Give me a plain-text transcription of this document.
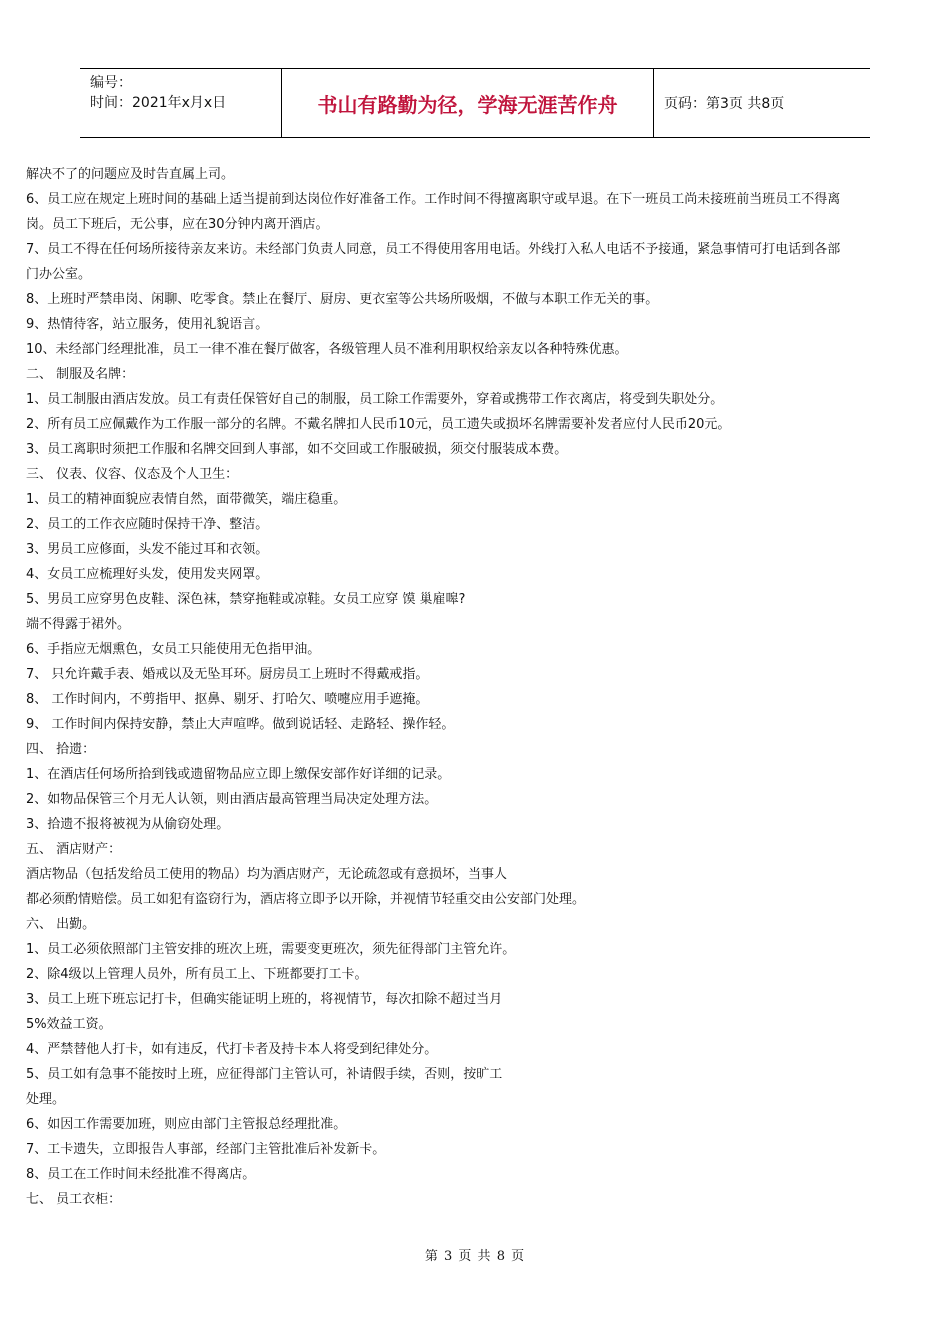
编号：
时间：2021年x月x日	书山有路勤为径，学海无涯苦作舟	页码：第3页 共8页
解决不了的问题应及时告直属上司。
6、员工应在规定上班时间的基础上适当提前到达岗位作好准备工作。工作时间不得擅离职守或早退。在下一班员工尚未接班前当班员工不得离
岗。员工下班后，无公事，应在30分钟内离开酒店。
7、员工不得在任何场所接待亲友来访。未经部门负责人同意，员工不得使用客用电话。外线打入私人电话不予接通，紧急事情可打电话到各部
门办公室。
8、上班时严禁串岗、闲聊、吃零食。禁止在餐厅、厨房、更衣室等公共场所吸烟，不做与本职工作无关的事。
9、热情待客，站立服务，使用礼貌语言。
10、未经部门经理批准，员工一律不准在餐厅做客，各级管理人员不准利用职权给亲友以各种特殊优惠。
二、 制服及名牌：
1、员工制服由酒店发放。员工有责任保管好自己的制服，员工除工作需要外，穿着或携带工作衣离店，将受到失职处分。
2、所有员工应佩戴作为工作服一部分的名牌。不戴名牌扣人民币10元，员工遗失或损坏名牌需要补发者应付人民币20元。
3、员工离职时须把工作服和名牌交回到人事部，如不交回或工作服破损，须交付服装成本费。
三、 仪表、仪容、仪态及个人卫生：
1、员工的精神面貌应表情自然，面带微笑，端庄稳重。
2、员工的工作衣应随时保持干净、整洁。
3、男员工应修面，头发不能过耳和衣领。
4、女员工应梳理好头发，使用发夹网罩。
5、男员工应穿男色皮鞋、深色袜，禁穿拖鞋或凉鞋。女员工应穿 馍 巢雇嗥?
端不得露于裙外。
6、手指应无烟熏色，女员工只能使用无色指甲油。
7、 只允许戴手表、婚戒以及无坠耳环。厨房员工上班时不得戴戒指。
8、 工作时间内，不剪指甲、抠鼻、剔牙、打哈欠、喷嚏应用手遮掩。
9、 工作时间内保持安静，禁止大声喧哗。做到说话轻、走路轻、操作轻。
四、 拾遗：
1、在酒店任何场所拾到钱或遗留物品应立即上缴保安部作好详细的记录。
2、如物品保管三个月无人认领，则由酒店最高管理当局决定处理方法。
3、拾遗不报将被视为从偷窃处理。
五、 酒店财产：
酒店物品（包括发给员工使用的物品）均为酒店财产，无论疏忽或有意损坏，当事人
都必须酌情赔偿。员工如犯有盗窃行为，酒店将立即予以开除，并视情节轻重交由公安部门处理。
六、 出勤。
1、员工必须依照部门主管安排的班次上班，需要变更班次，须先征得部门主管允许。
2、除4级以上管理人员外，所有员工上、下班都要打工卡。
3、员工上班下班忘记打卡，但确实能证明上班的，将视情节，每次扣除不超过当月
5%效益工资。
4、严禁替他人打卡，如有违反，代打卡者及持卡本人将受到纪律处分。
5、员工如有急事不能按时上班，应征得部门主管认可，补请假手续，否则，按旷工
处理。
6、如因工作需要加班，则应由部门主管报总经理批准。
7、工卡遗失，立即报告人事部，经部门主管批准后补发新卡。
8、员工在工作时间未经批准不得离店。
七、 员工衣柜：
第 3 页 共 8 页
